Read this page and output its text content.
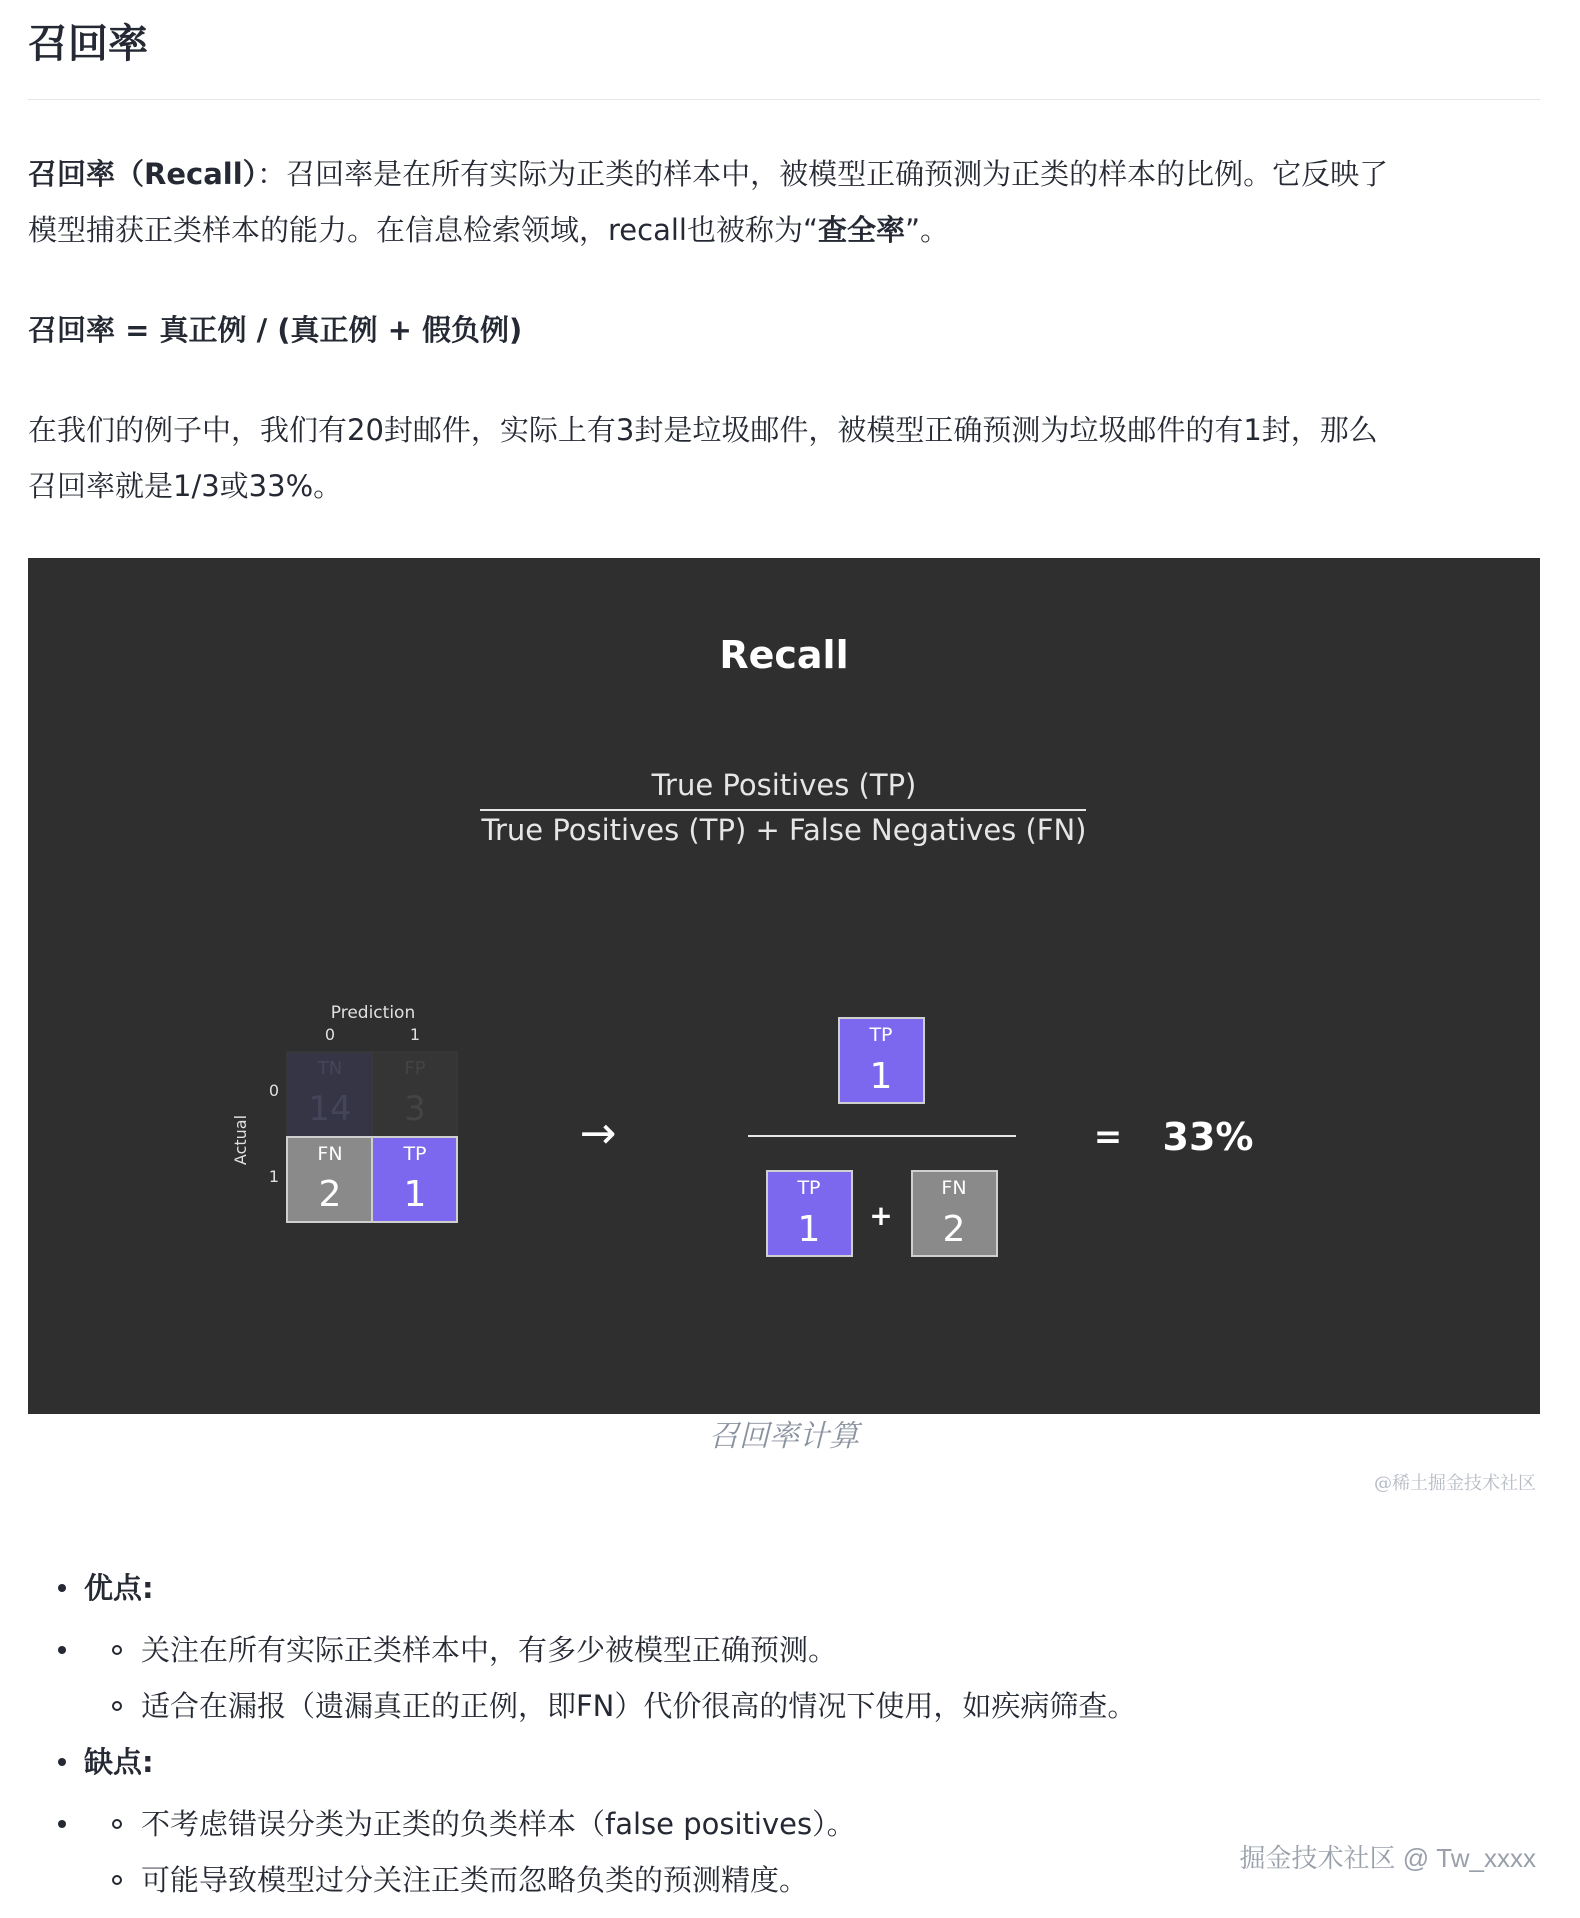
召回率

召回率（Recall）：召回率是在所有实际为正类的样本中，被模型正确预测为正类的样本的比例。它反映了
模型捕获正类样本的能力。在信息检索领域，recall也被称为“查全率”。

召回率 = 真正例 / (真正例 + 假负例)

在我们的例子中，我们有20封邮件，实际上有3封是垃圾邮件，被模型正确预测为垃圾邮件的有1封，那么
召回率就是1/3或33%。

Recall
True Positives (TP)
True Positives (TP) + False Negatives (FN)
Prediction
0	1
Actual
0
1
TN
14
FP
3
FN
2
TP
1
→
TP
1
TP
1 +
FN
2
= 33%
召回率计算
@稀土掘金技术社区
优点:
关注在所有实际正类样本中，有多少被模型正确预测。
适合在漏报（遗漏真正的正例，即FN）代价很高的情况下使用，如疾病筛查。
缺点:
不考虑错误分类为正类的负类样本（false positives）。
可能导致模型过分关注正类而忽略负类的预测精度。
掘金技术社区 @ Tw_xxxx
